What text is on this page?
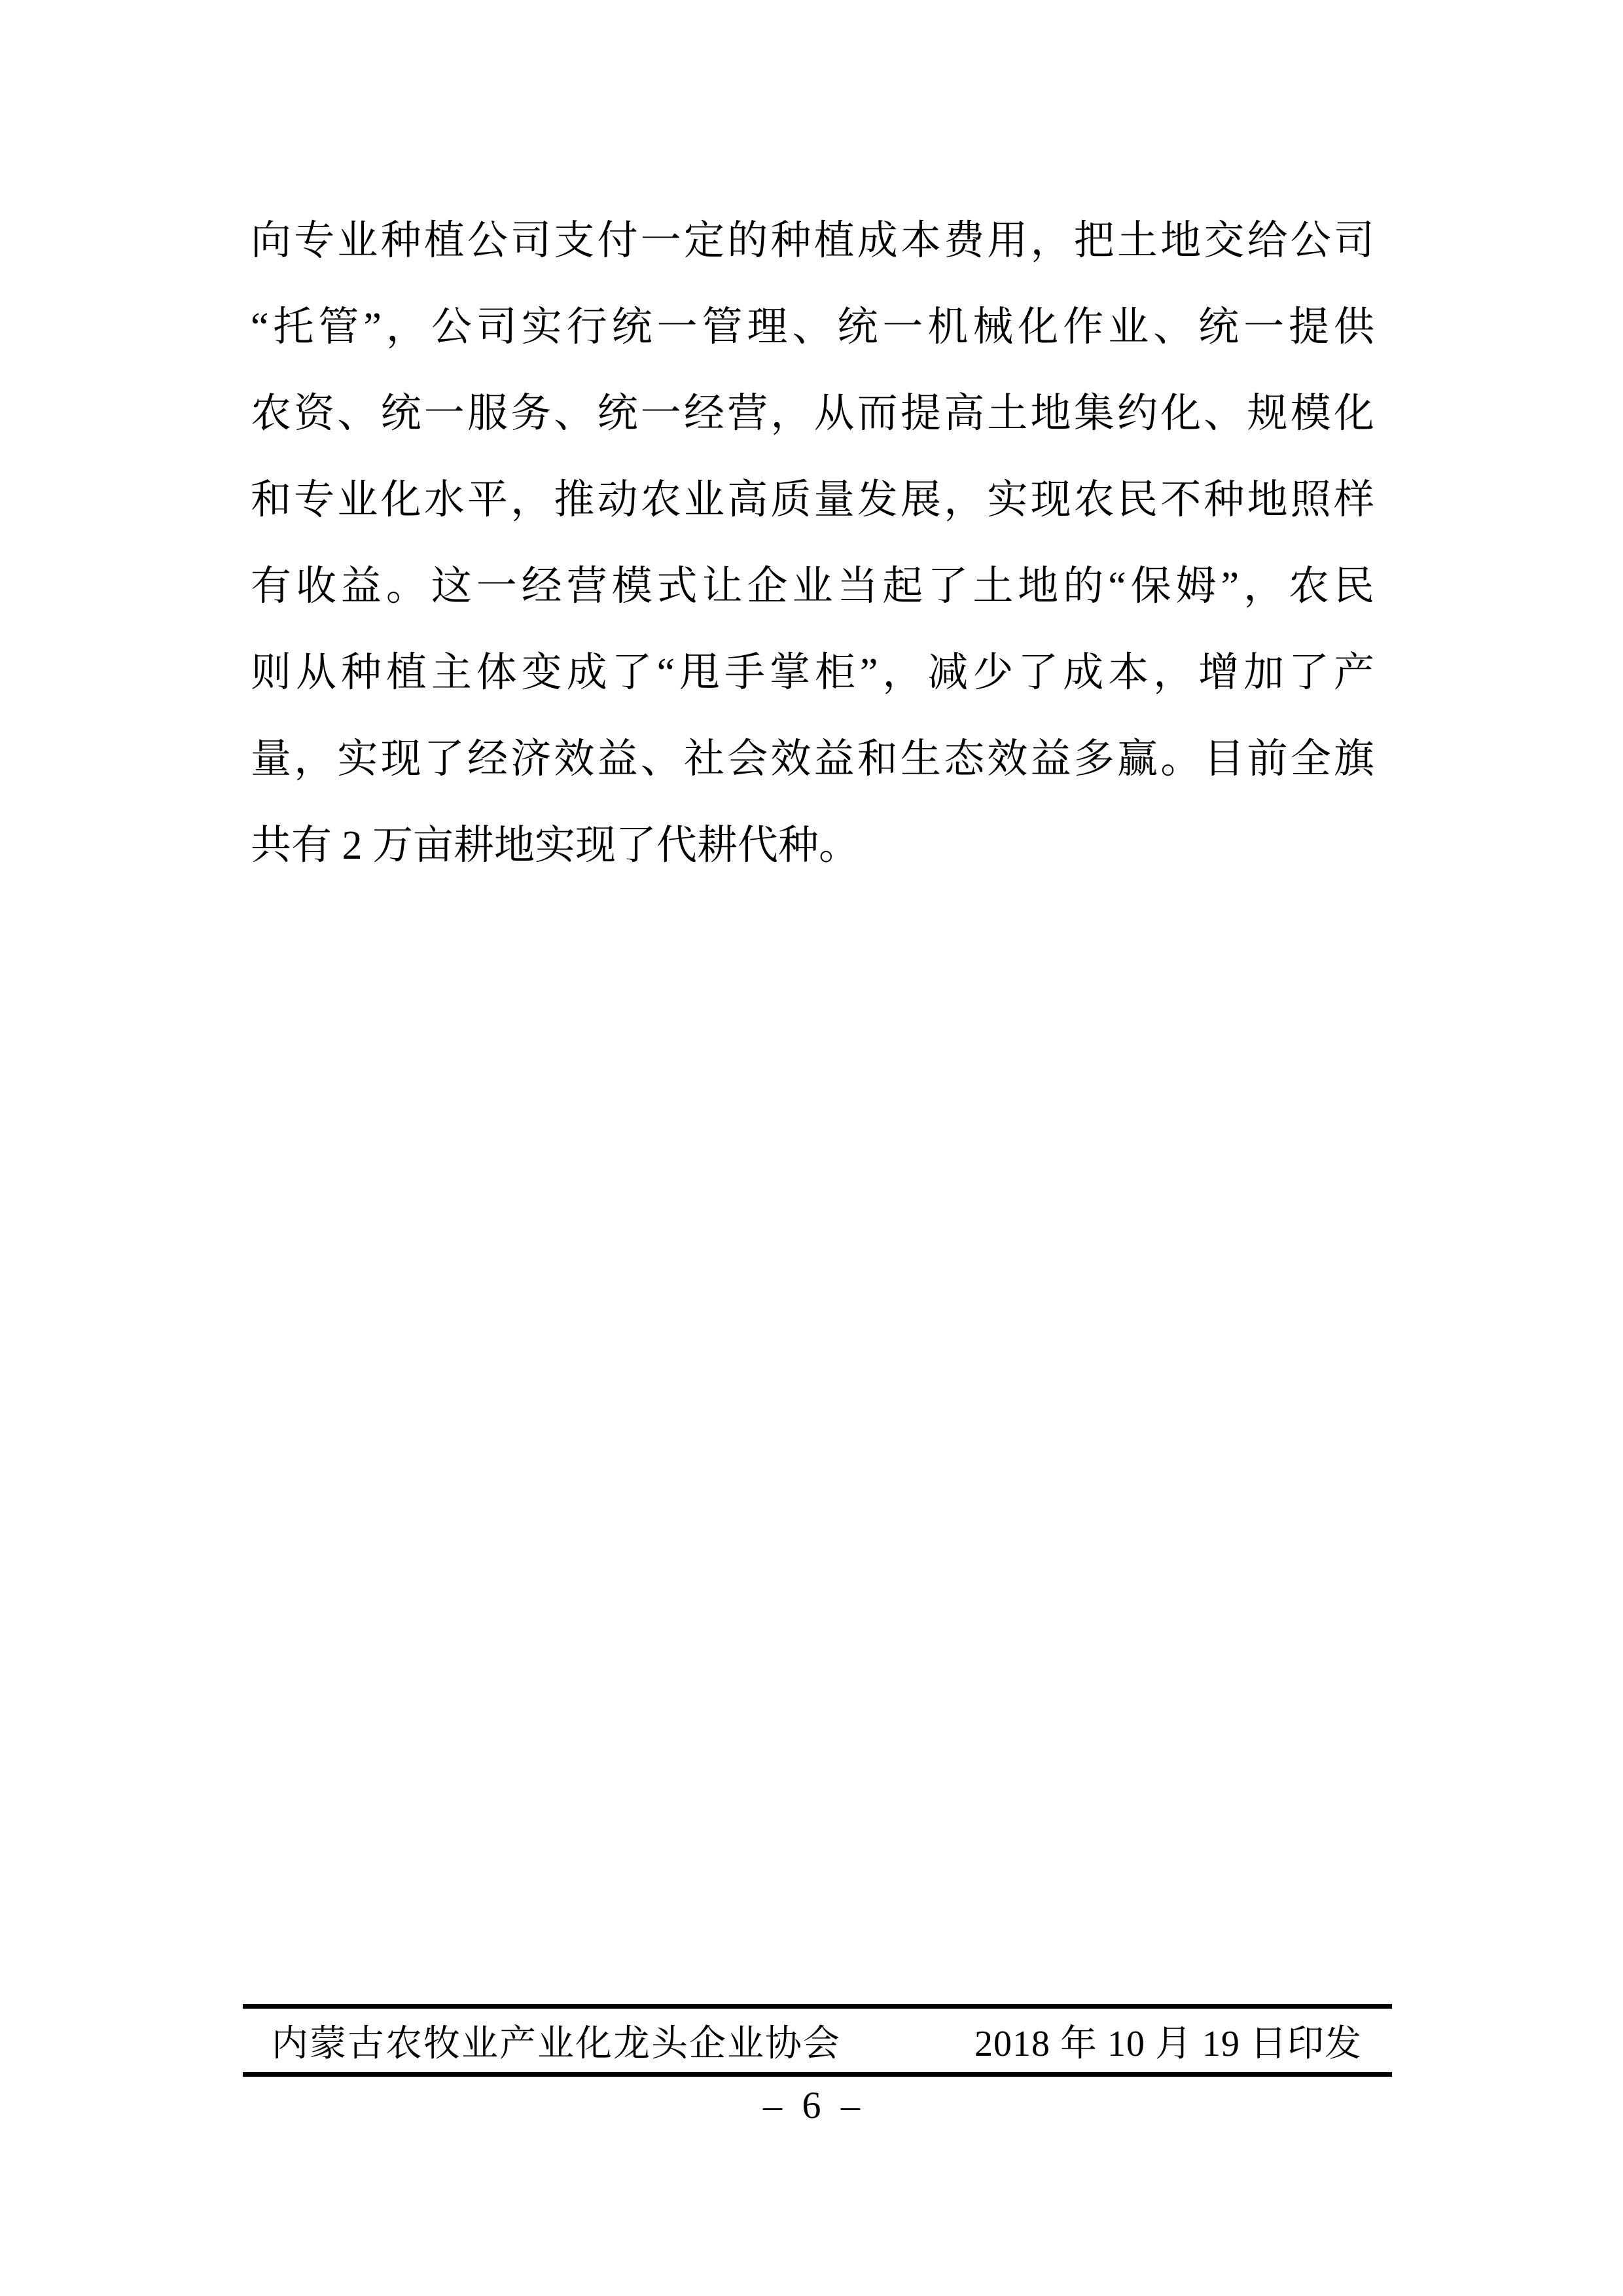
向专业种植公司支付一定的种植成本费用，把土地交给公司
“托管”，公司实行统一管理、统一机械化作业、统一提供
农资、统一服务、统一经营，从而提高土地集约化、规模化
和专业化水平，推动农业高质量发展，实现农民不种地照样
有收益。这一经营模式让企业当起了土地的“保姆”，农民
则从种植主体变成了“甩手掌柜”，减少了成本，增加了产
量，实现了经济效益、社会效益和生态效益多赢。目前全旗
共有 2 万亩耕地实现了代耕代种。
内蒙古农牧业产业化龙头企业协会	2018 年 10 月 19 日印发
– 6 –
